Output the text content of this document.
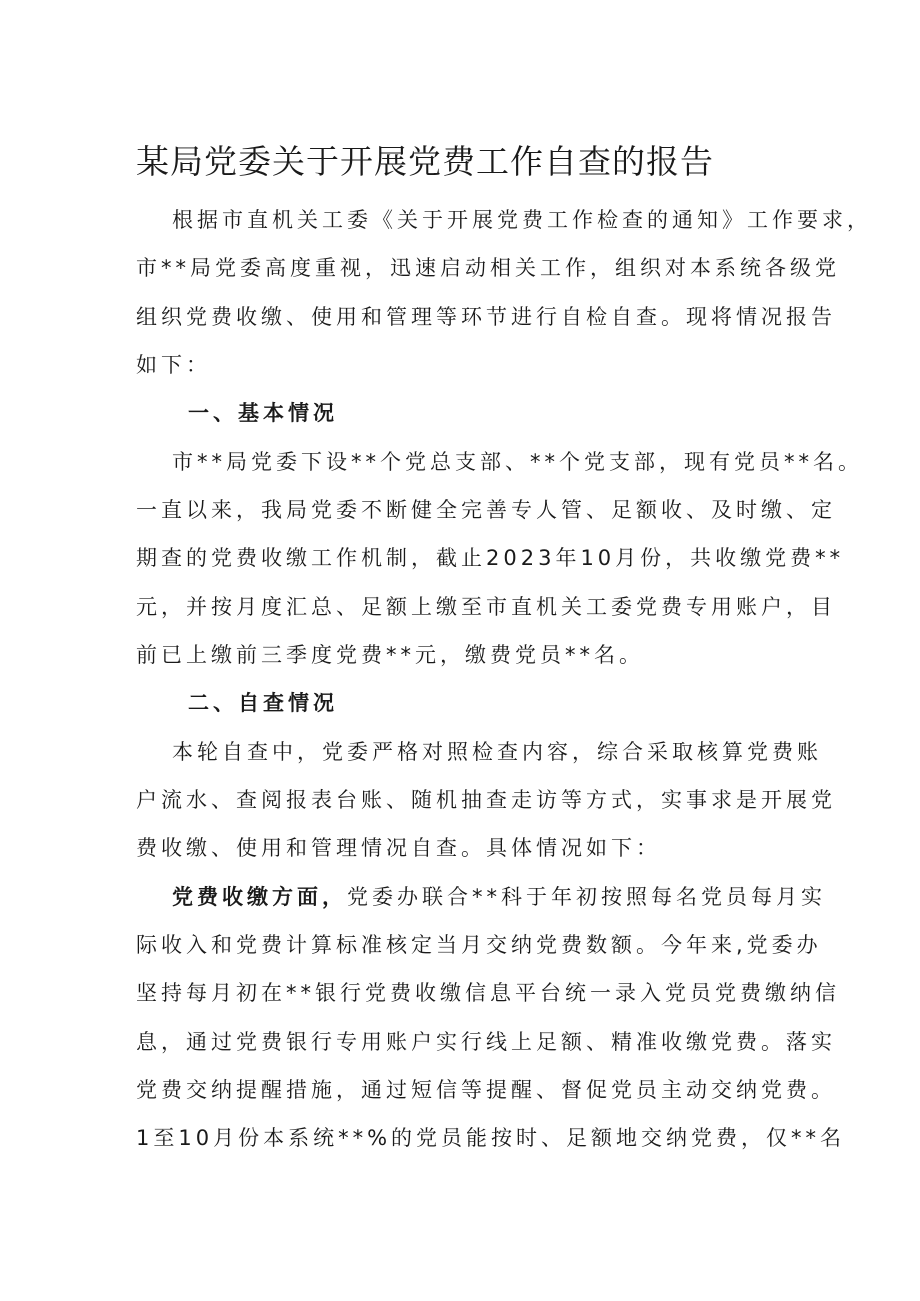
某局党委关于开展党费工作自查的报告

根据市直机关工委《关于开展党费工作检查的通知》工作要求，

市**局党委高度重视，迅速启动相关工作，组织对本系统各级党

组织党费收缴、使用和管理等环节进行自检自查。现将情况报告

如下：

一、基本情况

市**局党委下设**个党总支部、**个党支部，现有党员**名。

一直以来，我局党委不断健全完善专人管、足额收、及时缴、定

期查的党费收缴工作机制，截止2023年10月份，共收缴党费**

元，并按月度汇总、足额上缴至市直机关工委党费专用账户，目

前已上缴前三季度党费**元，缴费党员**名。

二、自查情况

本轮自查中，党委严格对照检查内容，综合采取核算党费账

户流水、查阅报表台账、随机抽查走访等方式，实事求是开展党

费收缴、使用和管理情况自查。具体情况如下：

党费收缴方面，党委办联合**科于年初按照每名党员每月实

际收入和党费计算标准核定当月交纳党费数额。今年来,党委办

坚持每月初在**银行党费收缴信息平台统一录入党员党费缴纳信

息，通过党费银行专用账户实行线上足额、精准收缴党费。落实

党费交纳提醒措施，通过短信等提醒、督促党员主动交纳党费。

1至10月份本系统**%的党员能按时、足额地交纳党费，仅**名
